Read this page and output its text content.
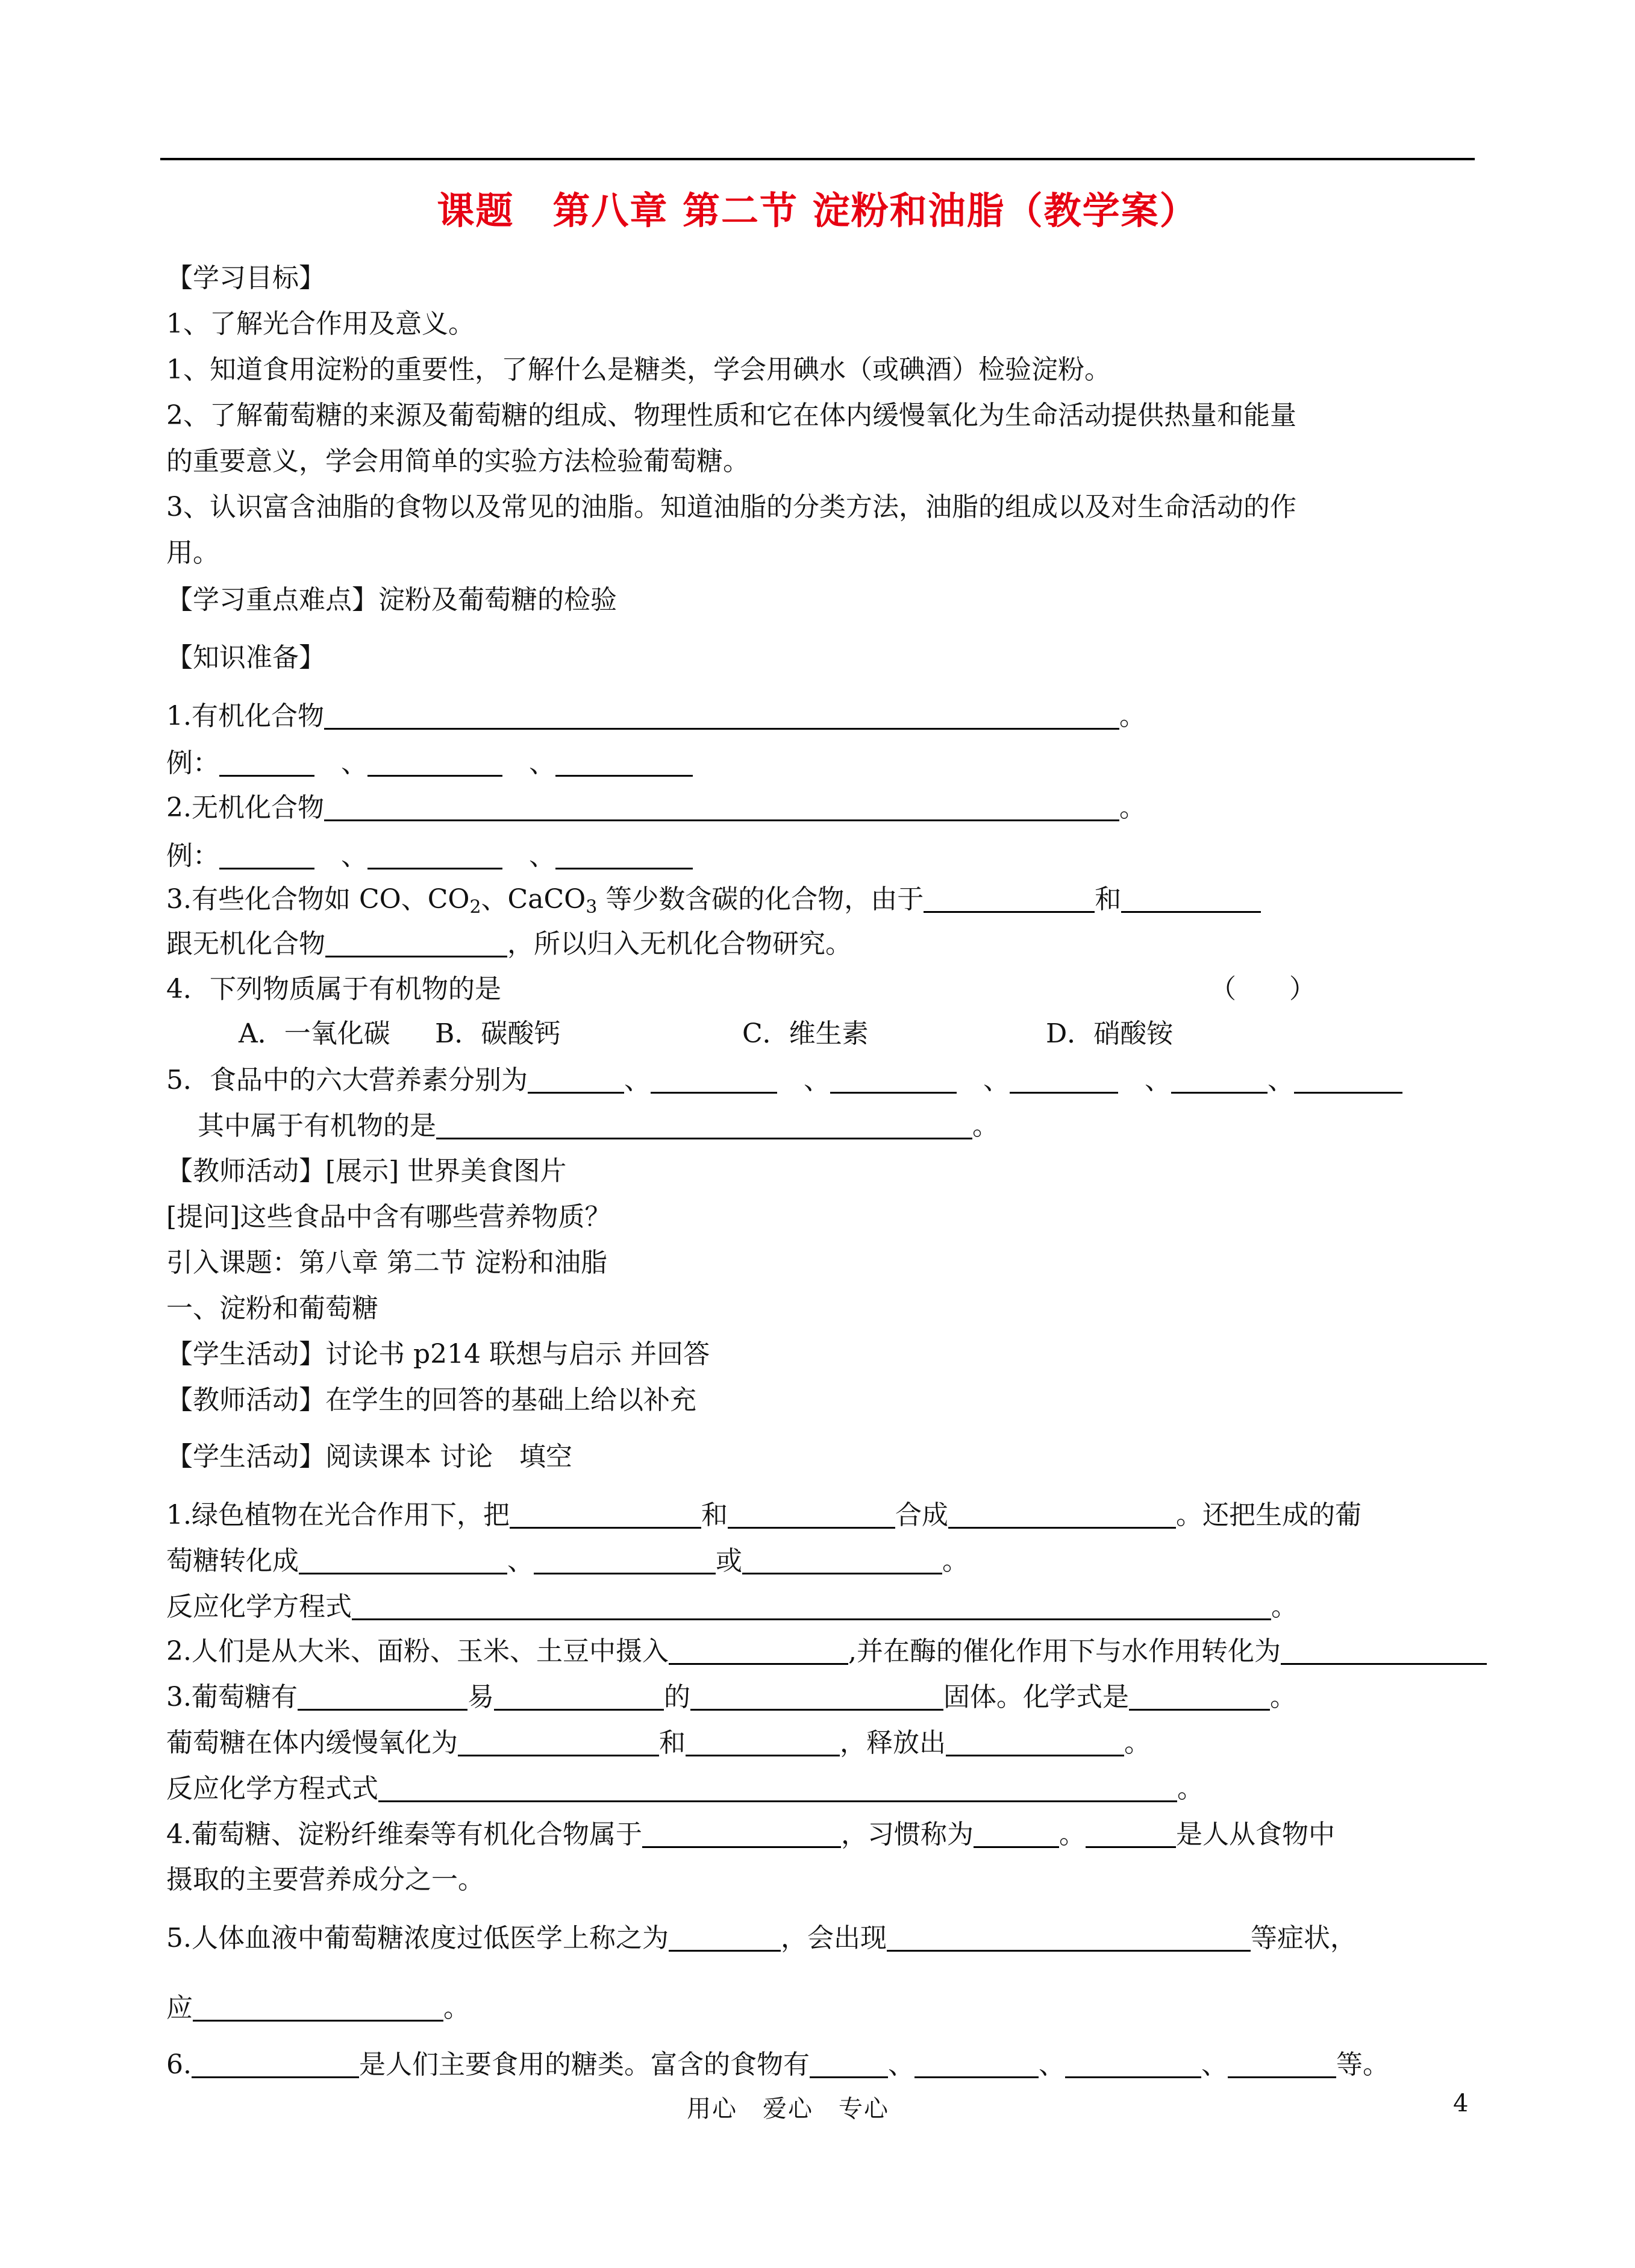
课题　第八章 第二节 淀粉和油脂（教学案）
【学习目标】
1、了解光合作用及意义。
1、知道食用淀粉的重要性，了解什么是糖类，学会用碘水（或碘酒）检验淀粉。
2、了解葡萄糖的来源及葡萄糖的组成、物理性质和它在体内缓慢氧化为生命活动提供热量和能量
的重要意义，学会用简单的实验方法检验葡萄糖。
3、认识富含油脂的食物以及常见的油脂。知道油脂的分类方法，油脂的组成以及对生命活动的作
用。
【学习重点难点】淀粉及葡萄糖的检验
【知识准备】
1.有机化合物	。
例：　	、　	、
2.无机化合物	。
例：　	、　	、
3.有些化合物如 CO、$CO_2$、CaCO$_3$ 等少数含碳的化合物，由于	和
跟无机化合物	，所以归入无机化合物研究。
4．下列物质属于有机物的是	（　　）
A．一氧化碳 B．碳酸钙	C．维生素	D．硝酸铵
5．食品中的六大营养素分别为	、　	、　	、　	、	、
其中属于有机物的是	。
【教师活动】[展示] 世界美食图片
[提问]这些食品中含有哪些营养物质？
引入课题：第八章 第二节 淀粉和油脂
一、淀粉和葡萄糖
【学生活动】讨论书 p214 联想与启示 并回答
【教师活动】在学生的回答的基础上给以补充
【学生活动】阅读课本 讨论　填空
1.绿色植物在光合作用下，把	和	合成	。还把生成的葡
萄糖转化成	、	或	。
反应化学方程式	。
2.人们是从大米、面粉、玉米、土豆中摄入	,并在酶的催化作用下与水作用转化为
3.葡萄糖有	易	的	固体。化学式是	。
葡萄糖在体内缓慢氧化为	和	，释放出	。
反应化学方程式式	。
4.葡萄糖、淀粉纤维秦等有机化合物属于	，习惯称为	。	是人从食物中
摄取的主要营养成分之一。
5.人体血液中葡萄糖浓度过低医学上称之为	，会出现	等症状，
应	。
6.	是人们主要食用的糖类。富含的食物有	、	、	、	等。
用心　爱心　专心	4
